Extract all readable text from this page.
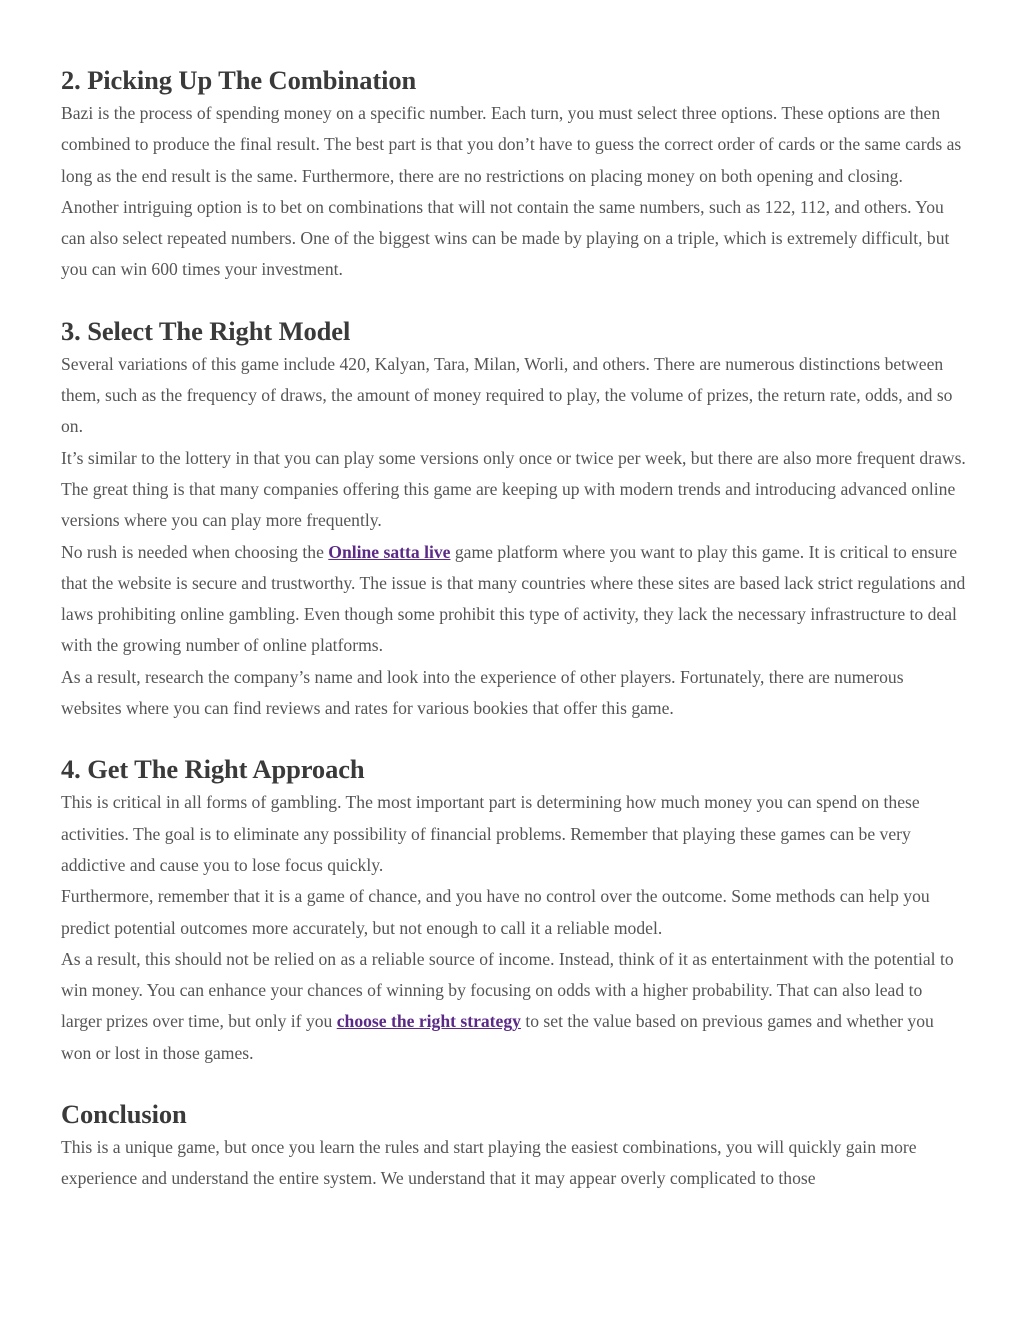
2. Picking Up The Combination

Bazi is the process of spending money on a specific number. Each turn, you must select three options. These options are then combined to produce the final result. The best part is that you don’t have to guess the correct order of cards or the same cards as long as the end result is the same. Furthermore, there are no restrictions on placing money on both opening and closing.

Another intriguing option is to bet on combinations that will not contain the same numbers, such as 122, 112, and others. You can also select repeated numbers. One of the biggest wins can be made by playing on a triple, which is extremely difficult, but you can win 600 times your investment.

3. Select The Right Model

Several variations of this game include 420, Kalyan, Tara, Milan, Worli, and others. There are numerous distinctions between them, such as the frequency of draws, the amount of money required to play, the volume of prizes, the return rate, odds, and so on.

It’s similar to the lottery in that you can play some versions only once or twice per week, but there are also more frequent draws. The great thing is that many companies offering this game are keeping up with modern trends and introducing advanced online versions where you can play more frequently.

No rush is needed when choosing the Online satta live game platform where you want to play this game. It is critical to ensure that the website is secure and trustworthy. The issue is that many countries where these sites are based lack strict regulations and laws prohibiting online gambling. Even though some prohibit this type of activity, they lack the necessary infrastructure to deal with the growing number of online platforms.

As a result, research the company’s name and look into the experience of other players. Fortunately, there are numerous websites where you can find reviews and rates for various bookies that offer this game.

4. Get The Right Approach

This is critical in all forms of gambling. The most important part is determining how much money you can spend on these activities. The goal is to eliminate any possibility of financial problems. Remember that playing these games can be very addictive and cause you to lose focus quickly.

Furthermore, remember that it is a game of chance, and you have no control over the outcome. Some methods can help you predict potential outcomes more accurately, but not enough to call it a reliable model.

As a result, this should not be relied on as a reliable source of income. Instead, think of it as entertainment with the potential to win money. You can enhance your chances of winning by focusing on odds with a higher probability. That can also lead to larger prizes over time, but only if you choose the right strategy to set the value based on previous games and whether you won or lost in those games.

Conclusion

This is a unique game, but once you learn the rules and start playing the easiest combinations, you will quickly gain more experience and understand the entire system. We understand that it may appear overly complicated to those
